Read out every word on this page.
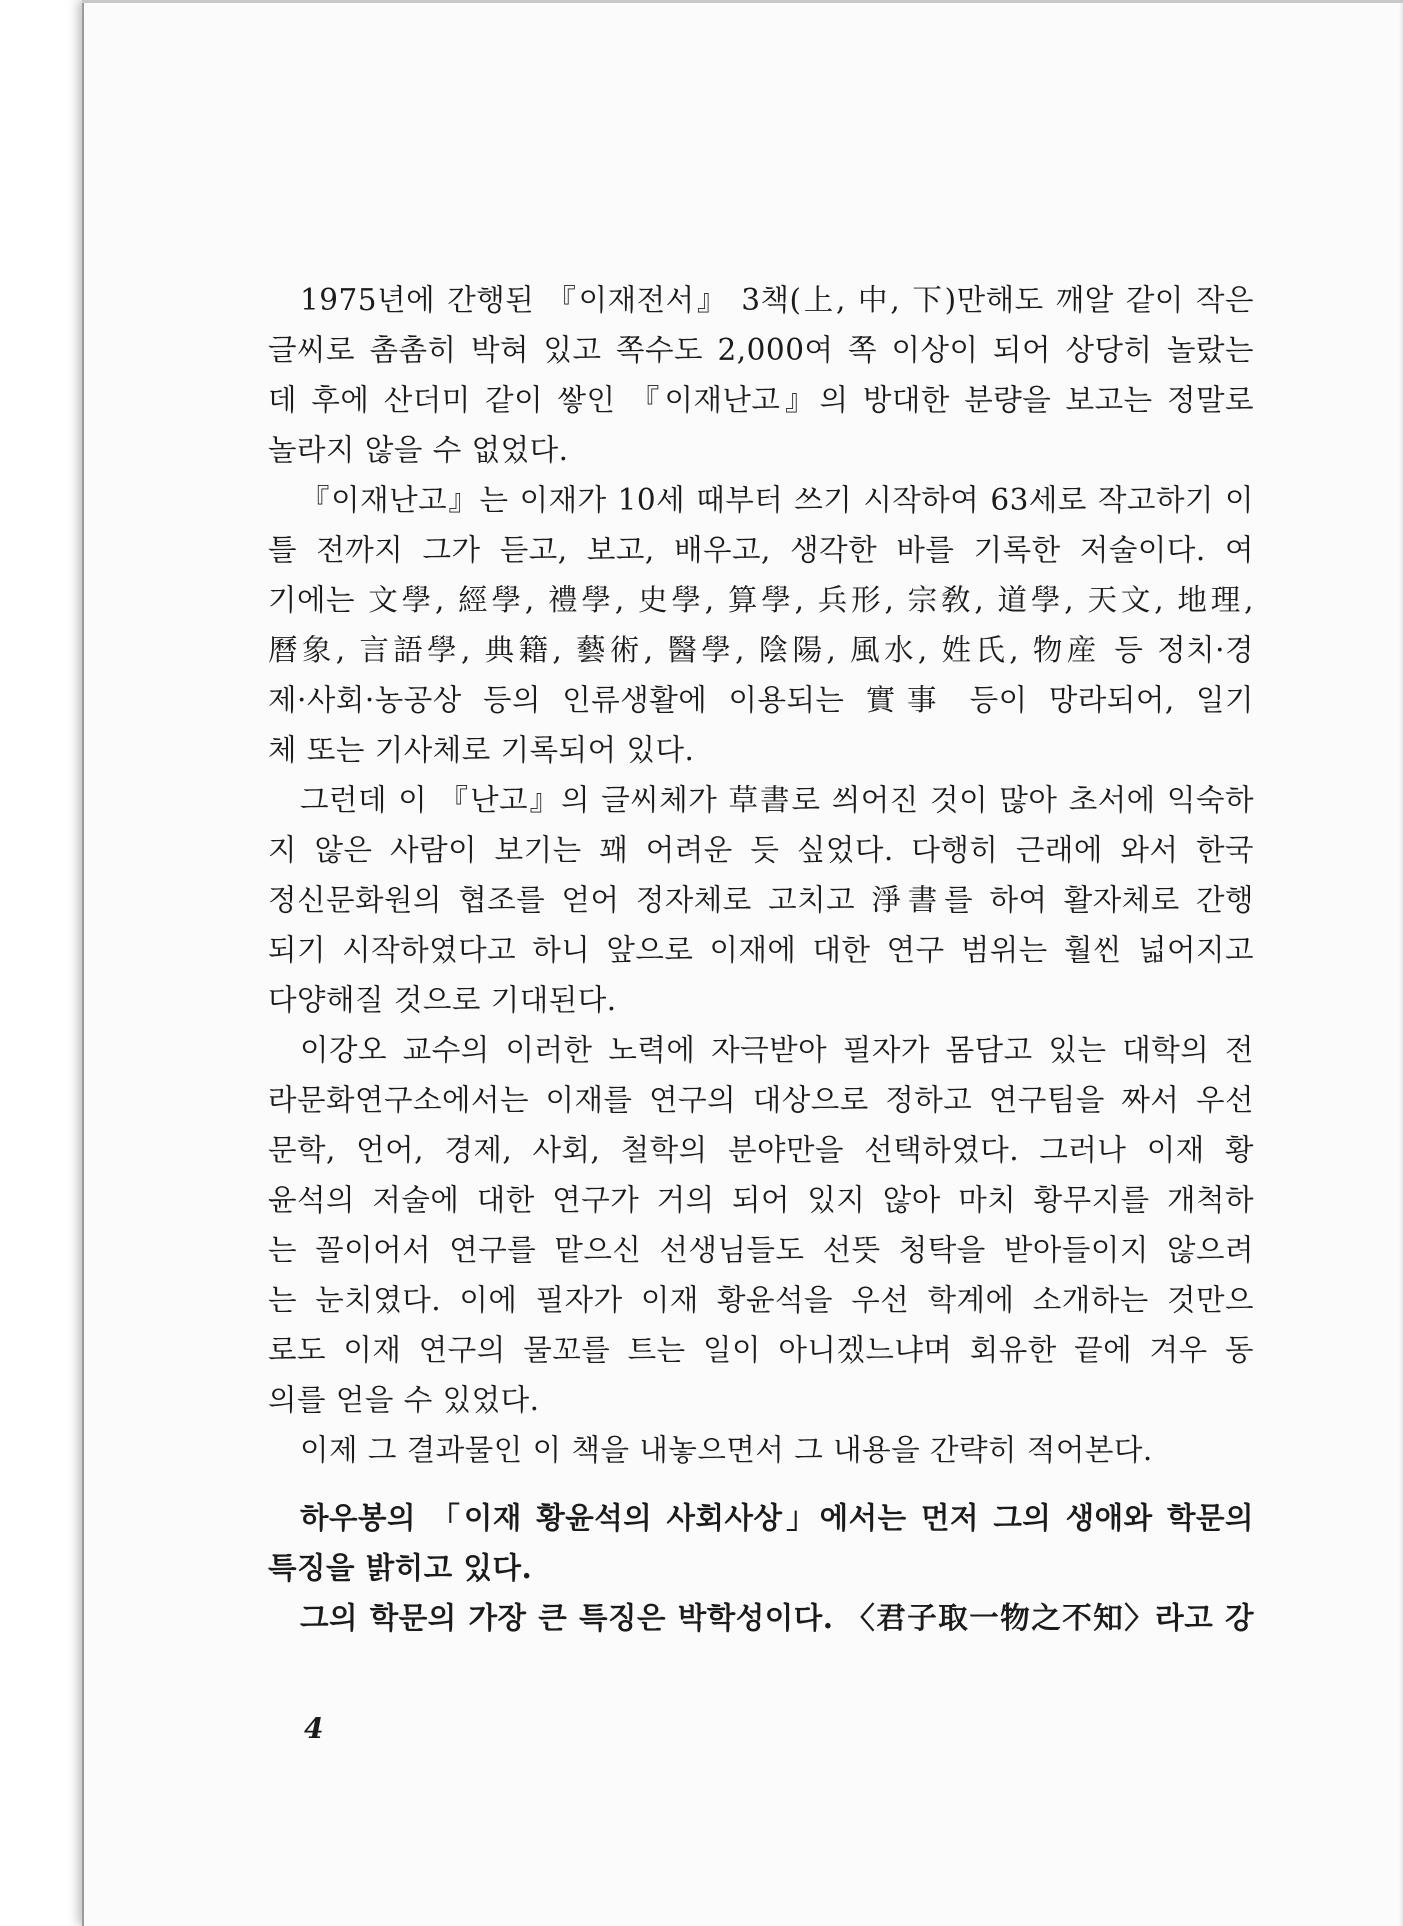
1975년에 간행된 『이재전서』 3책(上, 中, 下)만해도 깨알 같이 작은
글씨로 촘촘히 박혀 있고 쪽수도 2,000여 쪽 이상이 되어 상당히 놀랐는
데 후에 산더미 같이 쌓인 『이재난고』의 방대한 분량을 보고는 정말로
놀라지 않을 수 없었다.
『이재난고』는 이재가 10세 때부터 쓰기 시작하여 63세로 작고하기 이
틀 전까지 그가 듣고, 보고, 배우고, 생각한 바를 기록한 저술이다. 여
기에는 文學, 經學, 禮學, 史學, 算學, 兵形, 宗敎, 道學, 天文, 地理,
曆象, 言語學, 典籍, 藝術, 醫學, 陰陽, 風水, 姓氏, 物産 등 정치·경
제·사회·농공상 등의 인류생활에 이용되는 實事 등이 망라되어, 일기
체 또는 기사체로 기록되어 있다.
그런데 이 『난고』의 글씨체가 草書로 씌어진 것이 많아 초서에 익숙하
지 않은 사람이 보기는 꽤 어려운 듯 싶었다. 다행히 근래에 와서 한국
정신문화원의 협조를 얻어 정자체로 고치고 淨書를 하여 활자체로 간행
되기 시작하였다고 하니 앞으로 이재에 대한 연구 범위는 훨씬 넓어지고
다양해질 것으로 기대된다.
이강오 교수의 이러한 노력에 자극받아 필자가 몸담고 있는 대학의 전
라문화연구소에서는 이재를 연구의 대상으로 정하고 연구팀을 짜서 우선
문학, 언어, 경제, 사회, 철학의 분야만을 선택하였다. 그러나 이재 황
윤석의 저술에 대한 연구가 거의 되어 있지 않아 마치 황무지를 개척하
는 꼴이어서 연구를 맡으신 선생님들도 선뜻 청탁을 받아들이지 않으려
는 눈치였다. 이에 필자가 이재 황윤석을 우선 학계에 소개하는 것만으
로도 이재 연구의 물꼬를 트는 일이 아니겠느냐며 회유한 끝에 겨우 동
의를 얻을 수 있었다.
이제 그 결과물인 이 책을 내놓으면서 그 내용을 간략히 적어본다.
하우봉의 「이재 황윤석의 사회사상」에서는 먼저 그의 생애와 학문의
특징을 밝히고 있다.
그의 학문의 가장 큰 특징은 박학성이다. 〈君子取一物之不知〉라고 강
4
